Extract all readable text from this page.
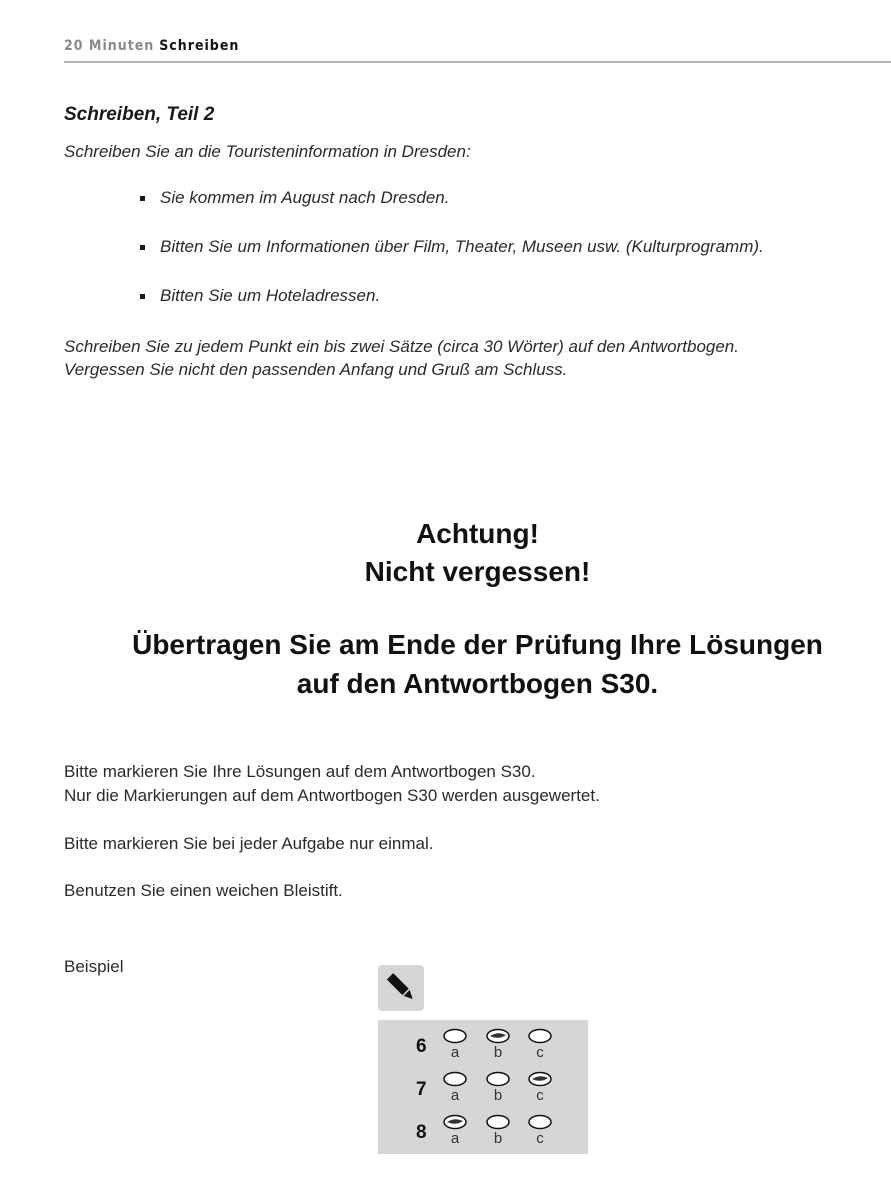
20 Minuten Schreiben
Schreiben, Teil 2
Schreiben Sie an die Touristeninformation in Dresden:
Sie kommen im August nach Dresden.
Bitten Sie um Informationen über Film, Theater, Museen usw. (Kulturprogramm).
Bitten Sie um Hoteladressen.
Schreiben Sie zu jedem Punkt ein bis zwei Sätze (circa 30 Wörter) auf den Antwortbogen.
Vergessen Sie nicht den passenden Anfang und Gruß am Schluss.
Achtung!
Nicht vergessen!
Übertragen Sie am Ende der Prüfung Ihre Lösungen
auf den Antwortbogen S30.
Bitte markieren Sie Ihre Lösungen auf dem Antwortbogen S30.
Nur die Markierungen auf dem Antwortbogen S30 werden ausgewertet.
Bitte markieren Sie bei jeder Aufgabe nur einmal.
Benutzen Sie einen weichen Bleistift.
Beispiel
6	a	b	c
7	a	b	c
8	a	b	c
